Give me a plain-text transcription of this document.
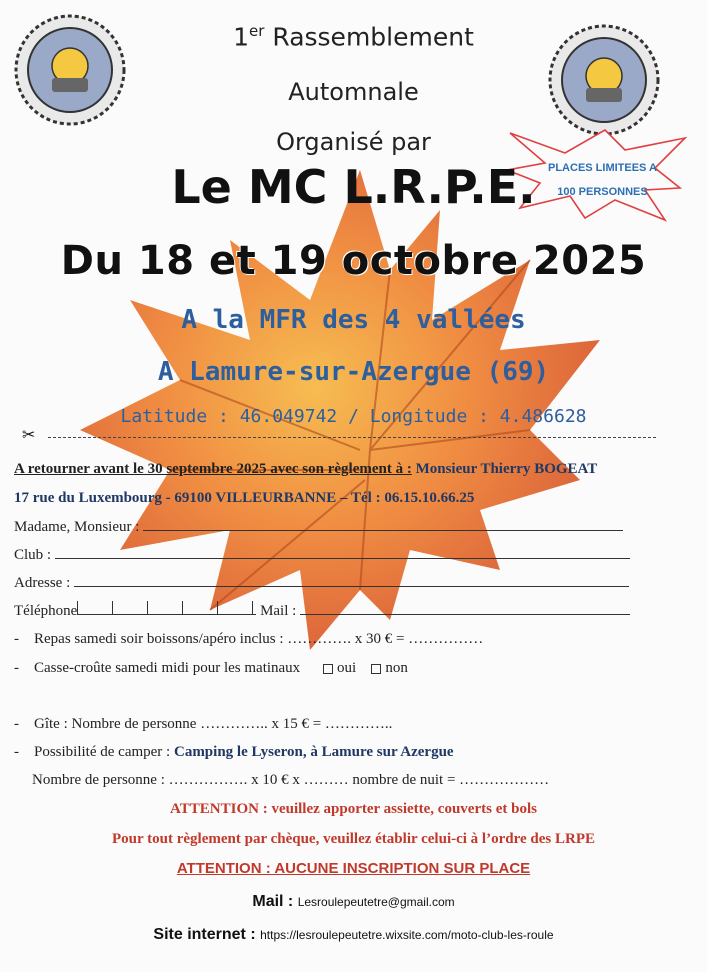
PLACES LIMITEES A
100 PERSONNES
1er Rassemblement
Automnale
Organisé par
Le MC L.R.P.E.
Du 18 et 19 octobre 2025
A la MFR des 4 vallées
A Lamure-sur-Azergue (69)
Latitude : 46.049742 / Longitude : 4.486628
✂
A retourner avant le 30 septembre 2025 avec son règlement à : Monsieur Thierry BOGEAT
17 rue du Luxembourg - 69100 VILLEURBANNE – Tél : 06.15.10.66.25
Madame, Monsieur :
Club :
Adresse :
Téléphone	Mail :
-    Repas samedi soir boissons/apéro inclus : …………. x 30 € = ……………
-    Casse-croûte samedi midi pour les matinaux oui non
-    Gîte : Nombre de personne ………….. x 15 € = …………..
-    Possibilité de camper : Camping le Lyseron, à Lamure sur Azergue
Nombre de personne : ……………. x 10 € x ……… nombre de nuit = ………………
ATTENTION : veuillez apporter assiette, couverts et bols
Pour tout règlement par chèque, veuillez établir celui-ci à l’ordre des LRPE
ATTENTION : AUCUNE INSCRIPTION SUR PLACE
Mail : Lesroulepeutetre@gmail.com
Site internet : https://lesroulepeutetre.wixsite.com/moto-club-les-roule
